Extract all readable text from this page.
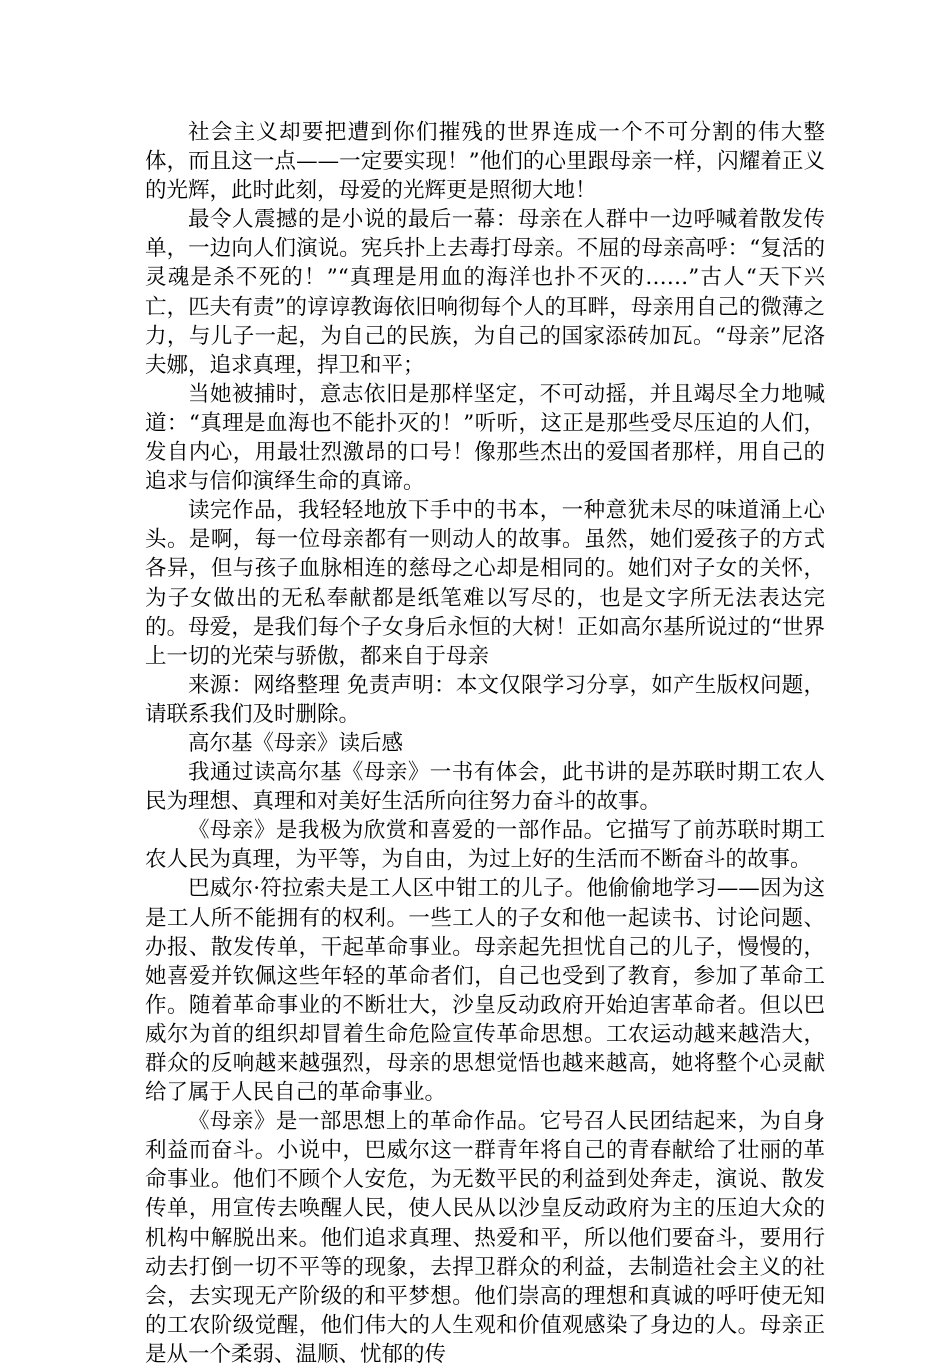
社会主义却要把遭到你们摧残的世界连成一个不可分割的伟大整体，而且这一点——一定要实现！”他们的心里跟母亲一样，闪耀着正义的光辉，此时此刻，母爱的光辉更是照彻大地！

最令人震撼的是小说的最后一幕：母亲在人群中一边呼喊着散发传单，一边向人们演说。宪兵扑上去毒打母亲。不屈的母亲高呼：“复活的灵魂是杀不死的！”“真理是用血的海洋也扑不灭的……”古人“天下兴亡，匹夫有责”的谆谆教诲依旧响彻每个人的耳畔，母亲用自己的微薄之力，与儿子一起，为自己的民族，为自己的国家添砖加瓦。“母亲”尼洛夫娜，追求真理，捍卫和平；

当她被捕时，意志依旧是那样坚定，不可动摇，并且竭尽全力地喊道：“真理是血海也不能扑灭的！”听听，这正是那些受尽压迫的人们，发自内心，用最壮烈激昂的口号！像那些杰出的爱国者那样，用自己的追求与信仰演绎生命的真谛。

读完作品，我轻轻地放下手中的书本，一种意犹未尽的味道涌上心头。是啊，每一位母亲都有一则动人的故事。虽然，她们爱孩子的方式各异，但与孩子血脉相连的慈母之心却是相同的。她们对子女的关怀，为子女做出的无私奉献都是纸笔难以写尽的，也是文字所无法表达完的。母爱，是我们每个子女身后永恒的大树！正如高尔基所说过的“世界上一切的光荣与骄傲，都来自于母亲

来源：网络整理 免责声明：本文仅限学习分享，如产生版权问题，请联系我们及时删除。

高尔基《母亲》读后感

我通过读高尔基《母亲》一书有体会，此书讲的是苏联时期工农人民为理想、真理和对美好生活所向往努力奋斗的故事。

《母亲》是我极为欣赏和喜爱的一部作品。它描写了前苏联时期工农人民为真理，为平等，为自由，为过上好的生活而不断奋斗的故事。

巴威尔·符拉索夫是工人区中钳工的儿子。他偷偷地学习——因为这是工人所不能拥有的权利。一些工人的子女和他一起读书、讨论问题、办报、散发传单，干起革命事业。母亲起先担忧自己的儿子，慢慢的，她喜爱并钦佩这些年轻的革命者们，自己也受到了教育，参加了革命工作。随着革命事业的不断壮大，沙皇反动政府开始迫害革命者。但以巴威尔为首的组织却冒着生命危险宣传革命思想。工农运动越来越浩大，群众的反响越来越强烈，母亲的思想觉悟也越来越高，她将整个心灵献给了属于人民自己的革命事业。

《母亲》是一部思想上的革命作品。它号召人民团结起来，为自身利益而奋斗。小说中，巴威尔这一群青年将自己的青春献给了壮丽的革命事业。他们不顾个人安危，为无数平民的利益到处奔走，演说、散发传单，用宣传去唤醒人民，使人民从以沙皇反动政府为主的压迫大众的机构中解脱出来。他们追求真理、热爱和平，所以他们要奋斗，要用行动去打倒一切不平等的现象，去捍卫群众的利益，去制造社会主义的社会，去实现无产阶级的和平梦想。他们崇高的理想和真诚的呼吁使无知的工农阶级觉醒，他们伟大的人生观和价值观感染了身边的人。母亲正是从一个柔弱、温顺、忧郁的传
